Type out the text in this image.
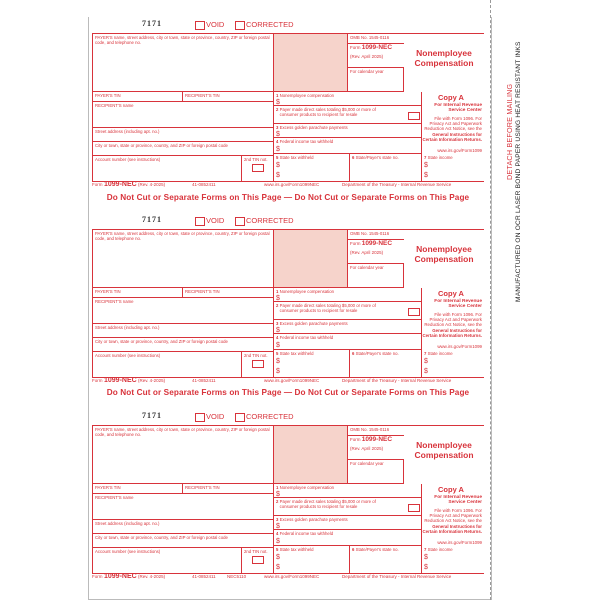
DETACH BEFORE MAILING MANUFACTURED ON OCR LASER BOND PAPER USING HEAT RESISTANT INKS
7171	VOID	CORRECTED
PAYER'S name, street address, city or town, state or province, country, ZIP or foreign postal code, and telephone no.
OMB No. 1545-0116
Form 1099-NEC
(Rev. April 2025)
For calendar year
Nonemployee Compensation
PAYER'S TIN	RECIPIENT'S TIN	1 Nonemployee compensation
$
Copy A
For Internal Revenue Service Center
RECIPIENT'S name
2 Payer made direct sales totaling $5,000 or more of consumer products to recipient for resale
File with Form 1096. For Privacy Act and Paperwork Reduction Act Notice, see the General Instructions for Certain Information Returns.
Street address (including apt. no.)
3 Excess golden parachute payments
$
City or town, state or province, country, and ZIP or foreign postal code
4 Federal income tax withheld
$	www.irs.gov/Form1099
Account number (see instructions)	2nd TIN not.	5 State tax withheld
$
$
6 State/Payer's state no.	7 State income
$
$
Form 1099-NEC (Rev. 4-2025)	41-0852411	www.irs.gov/Form1099NEC	Department of the Treasury - Internal Revenue Service
Do Not Cut or Separate Forms on This Page — Do Not Cut or Separate Forms on This Page
Do Not Cut or Separate Forms on This Page — Do Not Cut or Separate Forms on This Page
7171	VOID	CORRECTED
PAYER'S name, street address, city or town, state or province, country, ZIP or foreign postal code, and telephone no.
OMB No. 1545-0116
Form 1099-NEC
(Rev. April 2025)
For calendar year
Nonemployee Compensation
PAYER'S TIN	RECIPIENT'S TIN	1 Nonemployee compensation
$
Copy A
For Internal Revenue Service Center
RECIPIENT'S name
2 Payer made direct sales totaling $5,000 or more of consumer products to recipient for resale
File with Form 1096. For Privacy Act and Paperwork Reduction Act Notice, see the General Instructions for Certain Information Returns.
Street address (including apt. no.)
3 Excess golden parachute payments
$
City or town, state or province, country, and ZIP or foreign postal code
4 Federal income tax withheld
$	www.irs.gov/Form1099
Account number (see instructions)	2nd TIN not.	5 State tax withheld
$
$
6 State/Payer's state no.	7 State income
$
$
Form 1099-NEC (Rev. 4-2025)	41-0852411	www.irs.gov/Form1099NEC	Department of the Treasury - Internal Revenue Service
7171	VOID	CORRECTED
PAYER'S name, street address, city or town, state or province, country, ZIP or foreign postal code, and telephone no.
OMB No. 1545-0116
Form 1099-NEC
(Rev. April 2025)
For calendar year
Nonemployee Compensation
PAYER'S TIN	RECIPIENT'S TIN	1 Nonemployee compensation
$
Copy A
For Internal Revenue Service Center
RECIPIENT'S name
2 Payer made direct sales totaling $5,000 or more of consumer products to recipient for resale
File with Form 1096. For Privacy Act and Paperwork Reduction Act Notice, see the General Instructions for Certain Information Returns.
Street address (including apt. no.)
3 Excess golden parachute payments
$
City or town, state or province, country, and ZIP or foreign postal code
4 Federal income tax withheld
$	www.irs.gov/Form1099
Account number (see instructions)	2nd TIN not.	5 State tax withheld
$
$
6 State/Payer's state no.	7 State income
$
$
Form 1099-NEC (Rev. 4-2025)	41-0852411	NEC5110	www.irs.gov/Form1099NEC	Department of the Treasury - Internal Revenue Service
